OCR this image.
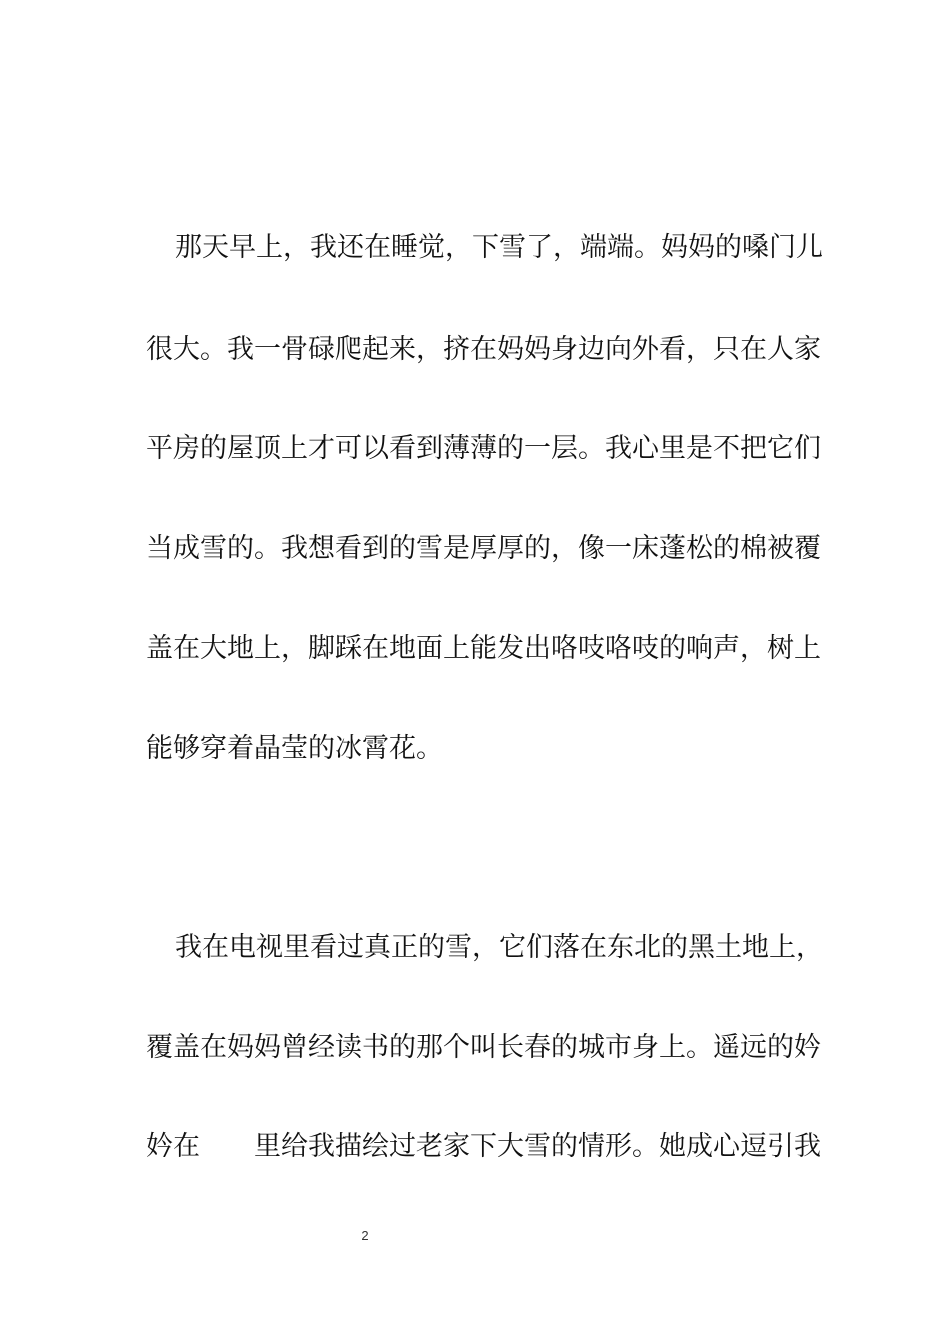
那天早上，我还在睡觉，下雪了，端端。妈妈的嗓门儿
很大。我一骨碌爬起来，挤在妈妈身边向外看，只在人家
平房的屋顶上才可以看到薄薄的一层。我心里是不把它们
当成雪的。我想看到的雪是厚厚的，像一床蓬松的棉被覆
盖在大地上，脚踩在地面上能发出咯吱咯吱的响声，树上
能够穿着晶莹的冰霄花。
我在电视里看过真正的雪，它们落在东北的黑土地上，
覆盖在妈妈曾经读书的那个叫长春的城市身上。遥远的妗
妗在　　里给我描绘过老家下大雪的情形。她成心逗引我
2
